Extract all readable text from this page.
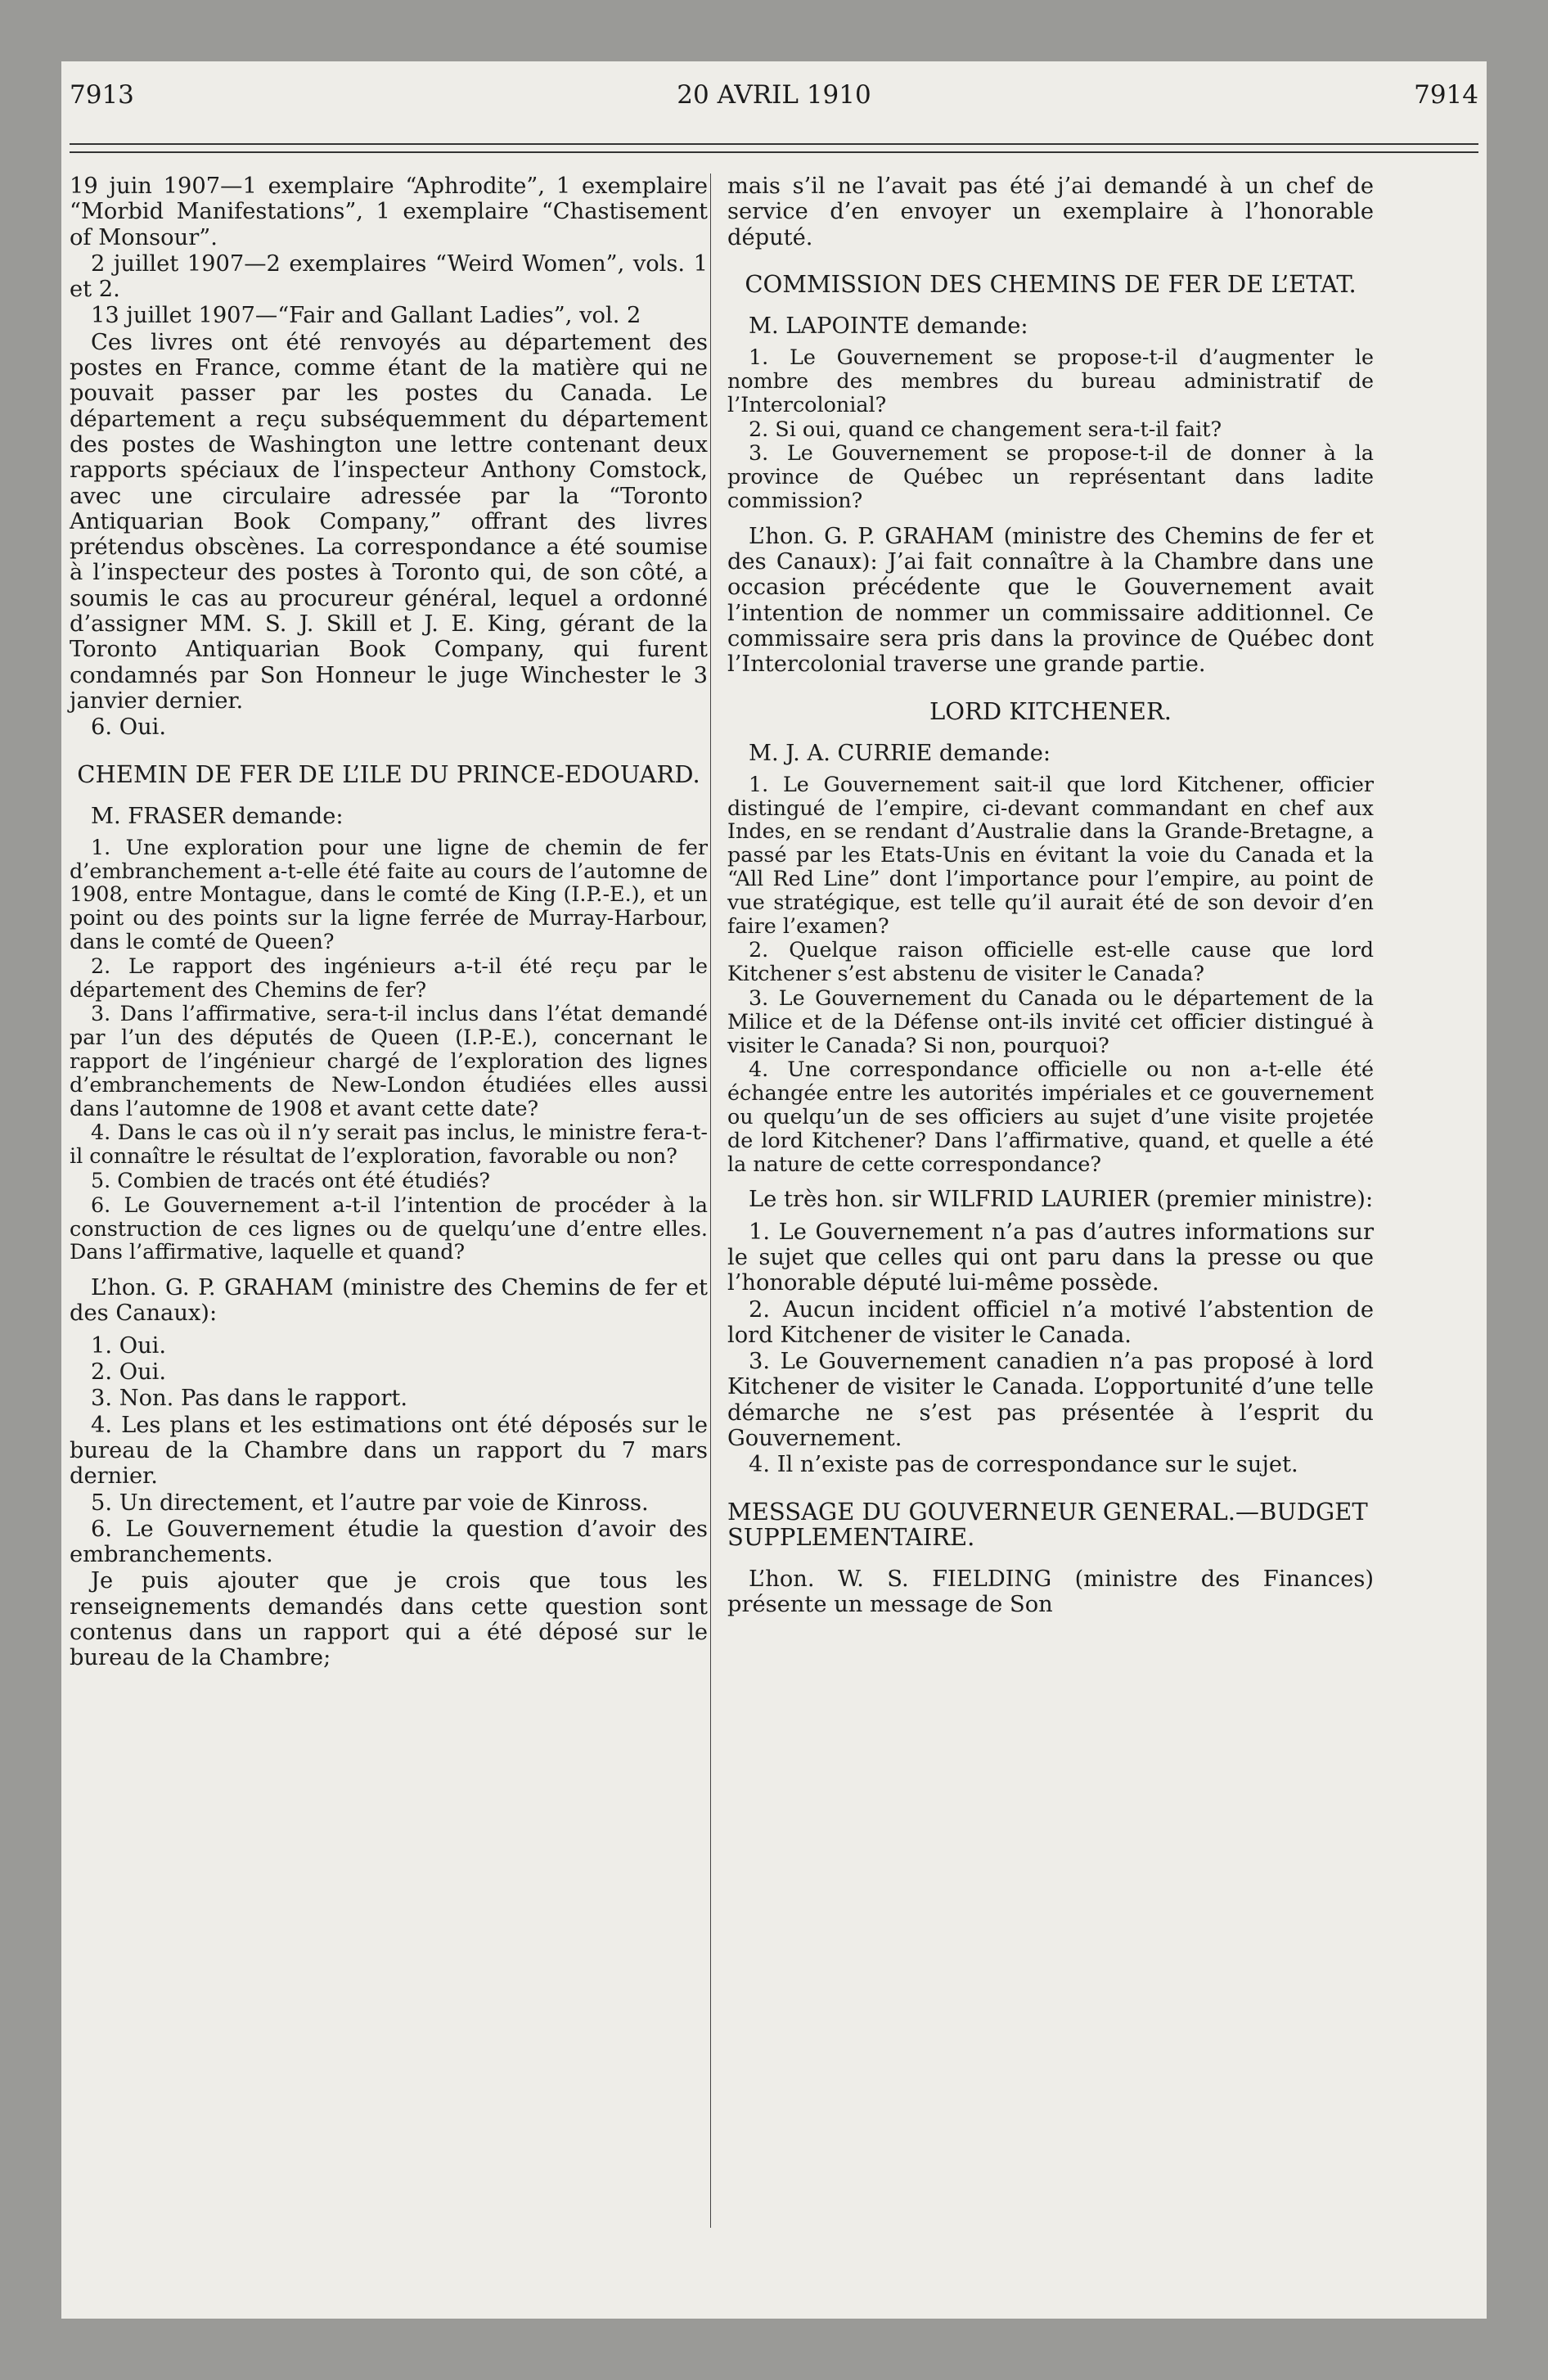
7913	20 AVRIL 1910	7914

19 juin 1907—1 exemplaire “Aphrodite”, 1 exemplaire “Morbid Manifestations”, 1 exemplaire “Chastisement of Monsour”.

2 juillet 1907—2 exemplaires “Weird Women”, vols. 1 et 2.

13 juillet 1907—“Fair and Gallant Ladies”, vol. 2

Ces livres ont été renvoyés au département des postes en France, comme étant de la matière qui ne pouvait passer par les postes du Canada. Le département a reçu subséquemment du département des postes de Washington une lettre contenant deux rapports spéciaux de l’inspecteur Anthony Comstock, avec une circulaire adressée par la “Toronto Antiquarian Book Company,” offrant des livres prétendus obscènes. La correspondance a été soumise à l’inspecteur des postes à Toronto qui, de son côté, a soumis le cas au procureur général, lequel a ordonné d’assigner MM. S. J. Skill et J. E. King, gérant de la Toronto Antiquarian Book Company, qui furent condamnés par Son Honneur le juge Winchester le 3 janvier dernier.

6. Oui.

CHEMIN DE FER DE L’ILE DU PRINCE-EDOUARD.

M. FRASER demande:

1. Une exploration pour une ligne de chemin de fer d’embranchement a-t-elle été faite au cours de l’automne de 1908, entre Montague, dans le comté de King (I.P.-E.), et un point ou des points sur la ligne ferrée de Murray-Harbour, dans le comté de Queen?

2. Le rapport des ingénieurs a-t-il été reçu par le département des Chemins de fer?

3. Dans l’affirmative, sera-t-il inclus dans l’état demandé par l’un des députés de Queen (I.P.-E.), concernant le rapport de l’ingénieur chargé de l’exploration des lignes d’embranchements de New-London étudiées elles aussi dans l’automne de 1908 et avant cette date?

4. Dans le cas où il n’y serait pas inclus, le ministre fera-t-il connaître le résultat de l’exploration, favorable ou non?

5. Combien de tracés ont été étudiés?

6. Le Gouvernement a-t-il l’intention de procéder à la construction de ces lignes ou de quelqu’une d’entre elles. Dans l’affirmative, laquelle et quand?

L’hon. G. P. GRAHAM (ministre des Chemins de fer et des Canaux):

1. Oui.

2. Oui.

3. Non. Pas dans le rapport.

4. Les plans et les estimations ont été déposés sur le bureau de la Chambre dans un rapport du 7 mars dernier.

5. Un directement, et l’autre par voie de Kinross.

6. Le Gouvernement étudie la question d’avoir des embranchements.

Je puis ajouter que je crois que tous les renseignements demandés dans cette question sont contenus dans un rapport qui a été déposé sur le bureau de la Chambre;

mais s’il ne l’avait pas été j’ai demandé à un chef de service d’en envoyer un exemplaire à l’honorable député.

COMMISSION DES CHEMINS DE FER DE L’ETAT.

M. LAPOINTE demande:

1. Le Gouvernement se propose-t-il d’augmenter le nombre des membres du bureau administratif de l’Intercolonial?

2. Si oui, quand ce changement sera-t-il fait?

3. Le Gouvernement se propose-t-il de donner à la province de Québec un représentant dans ladite commission?

L’hon. G. P. GRAHAM (ministre des Chemins de fer et des Canaux): J’ai fait connaître à la Chambre dans une occasion précédente que le Gouvernement avait l’intention de nommer un commissaire additionnel. Ce commissaire sera pris dans la province de Québec dont l’Intercolonial traverse une grande partie.

LORD KITCHENER.

M. J. A. CURRIE demande:

1. Le Gouvernement sait-il que lord Kitchener, officier distingué de l’empire, ci-devant commandant en chef aux Indes, en se rendant d’Australie dans la Grande-Bretagne, a passé par les Etats-Unis en évitant la voie du Canada et la “All Red Line” dont l’importance pour l’empire, au point de vue stratégique, est telle qu’il aurait été de son devoir d’en faire l’examen?

2. Quelque raison officielle est-elle cause que lord Kitchener s’est abstenu de visiter le Canada?

3. Le Gouvernement du Canada ou le département de la Milice et de la Défense ont-ils invité cet officier distingué à visiter le Canada? Si non, pourquoi?

4. Une correspondance officielle ou non a-t-elle été échangée entre les autorités impériales et ce gouvernement ou quelqu’un de ses officiers au sujet d’une visite projetée de lord Kitchener? Dans l’affirmative, quand, et quelle a été la nature de cette correspondance?

Le très hon. sir WILFRID LAURIER (premier ministre):

1. Le Gouvernement n’a pas d’autres informations sur le sujet que celles qui ont paru dans la presse ou que l’honorable député lui-même possède.

2. Aucun incident officiel n’a motivé l’abstention de lord Kitchener de visiter le Canada.

3. Le Gouvernement canadien n’a pas proposé à lord Kitchener de visiter le Canada. L’opportunité d’une telle démarche ne s’est pas présentée à l’esprit du Gouvernement.

4. Il n’existe pas de correspondance sur le sujet.

MESSAGE DU GOUVERNEUR GENERAL.—BUDGET SUPPLEMENTAIRE.

L’hon. W. S. FIELDING (ministre des Finances) présente un message de Son
